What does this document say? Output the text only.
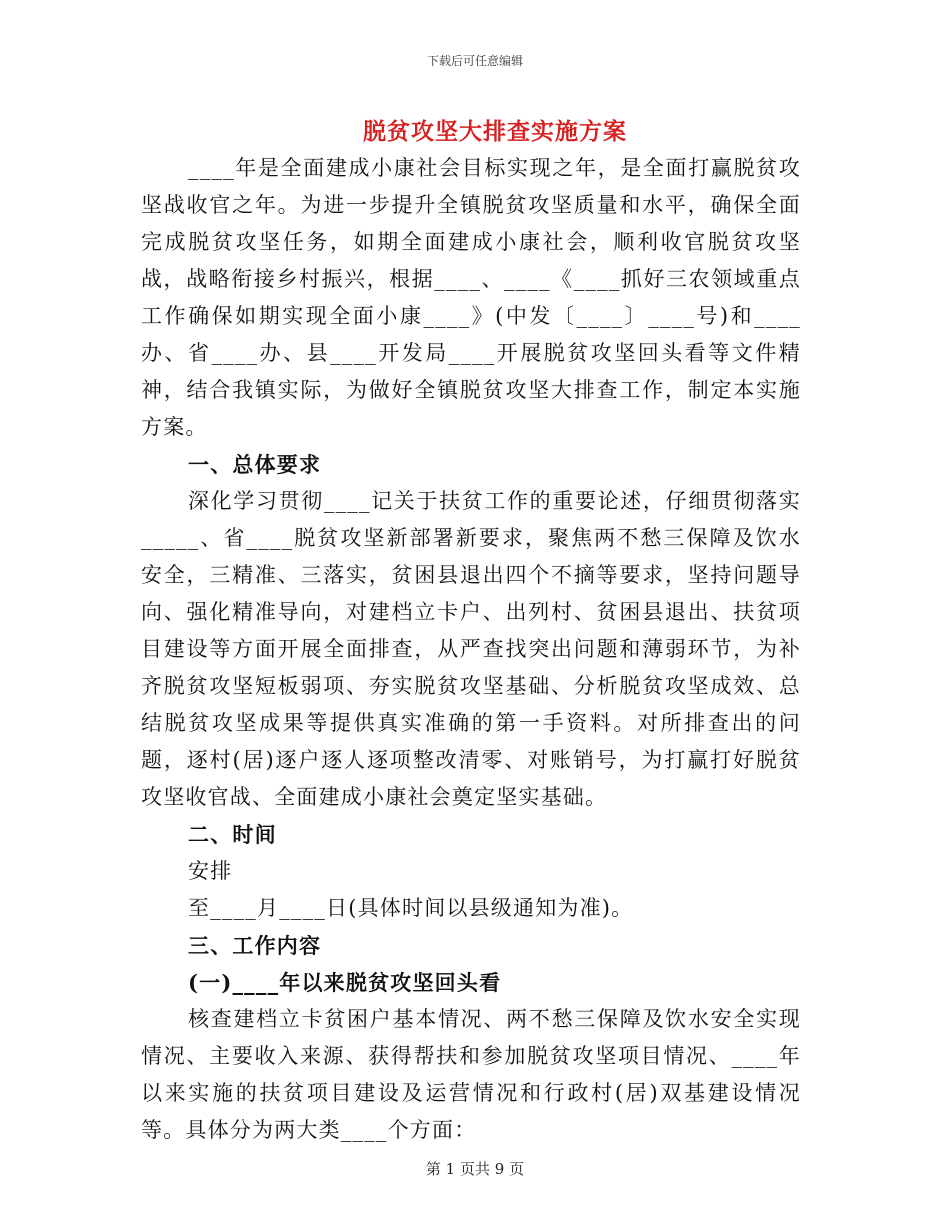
下载后可任意编辑
脱贫攻坚大排查实施方案

____年是全面建成小康社会目标实现之年，是全面打赢脱贫攻坚战收官之年。为进一步提升全镇脱贫攻坚质量和水平，确保全面完成脱贫攻坚任务，如期全面建成小康社会，顺利收官脱贫攻坚战，战略衔接乡村振兴，根据____、____《____抓好三农领域重点工作确保如期实现全面小康____》(中发〔____〕____号)和____办、省____办、县____开发局____开展脱贫攻坚回头看等文件精神，结合我镇实际，为做好全镇脱贫攻坚大排查工作，制定本实施方案。

一、总体要求

深化学习贯彻____记关于扶贫工作的重要论述，仔细贯彻落实_____、省____脱贫攻坚新部署新要求，聚焦两不愁三保障及饮水安全，三精准、三落实，贫困县退出四个不摘等要求，坚持问题导向、强化精准导向，对建档立卡户、出列村、贫困县退出、扶贫项目建设等方面开展全面排查，从严查找突出问题和薄弱环节，为补齐脱贫攻坚短板弱项、夯实脱贫攻坚基础、分析脱贫攻坚成效、总结脱贫攻坚成果等提供真实准确的第一手资料。对所排查出的问题，逐村(居)逐户逐人逐项整改清零、对账销号，为打赢打好脱贫攻坚收官战、全面建成小康社会奠定坚实基础。

二、时间

安排

至____月____日(具体时间以县级通知为准)。

三、工作内容

(一)____年以来脱贫攻坚回头看

核查建档立卡贫困户基本情况、两不愁三保障及饮水安全实现情况、主要收入来源、获得帮扶和参加脱贫攻坚项目情况、____年以来实施的扶贫项目建设及运营情况和行政村(居)双基建设情况等。具体分为两大类____个方面：

第 1 页共 9 页
